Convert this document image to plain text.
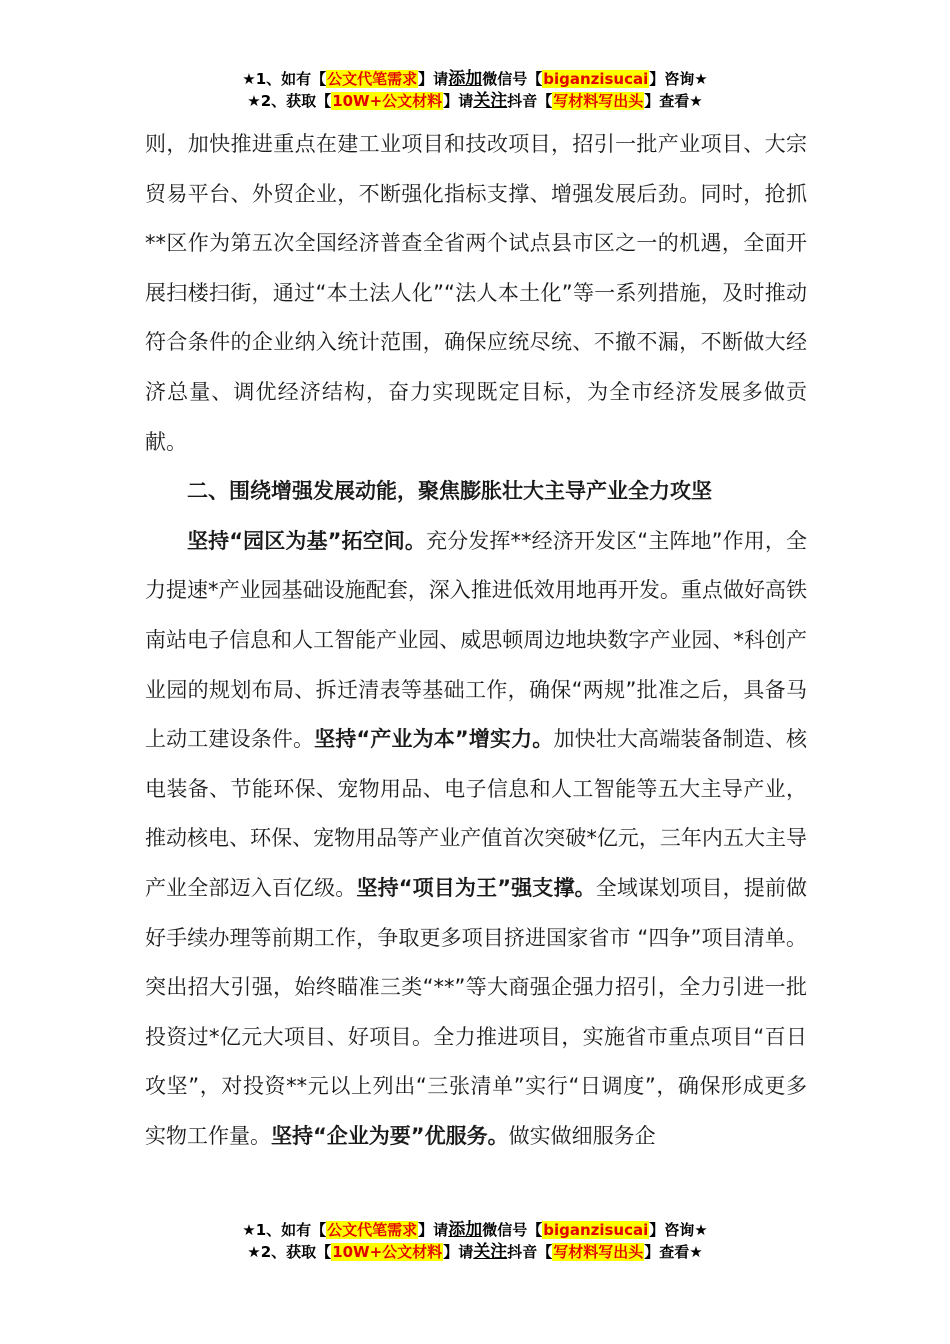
★1、如有【公文代笔需求】请添加微信号【biganzisucai】咨询★
★2、获取【10W+公文材料】请关注抖音【写材料写出头】查看★

则，加快推进重点在建工业项目和技改项目，招引一批产业项目、大宗贸易平台、外贸企业，不断强化指标支撑、增强发展后劲。同时，抢抓**区作为第五次全国经济普查全省两个试点县市区之一的机遇，全面开展扫楼扫街，通过“本土法人化”“法人本土化”等一系列措施，及时推动符合条件的企业纳入统计范围，确保应统尽统、不撤不漏，不断做大经济总量、调优经济结构，奋力实现既定目标，为全市经济发展多做贡献。

二、围绕增强发展动能，聚焦膨胀壮大主导产业全力攻坚

坚持“园区为基”拓空间。充分发挥**经济开发区“主阵地”作用，全力提速*产业园基础设施配套，深入推进低效用地再开发。重点做好高铁南站电子信息和人工智能产业园、威思顿周边地块数字产业园、*科创产业园的规划布局、拆迁清表等基础工作，确保“两规”批准之后，具备马上动工建设条件。坚持“产业为本”增实力。加快壮大高端装备制造、核电装备、节能环保、宠物用品、电子信息和人工智能等五大主导产业，推动核电、环保、宠物用品等产业产值首次突破*亿元，三年内五大主导产业全部迈入百亿级。坚持“项目为王”强支撑。全域谋划项目，提前做好手续办理等前期工作，争取更多项目挤进国家省市 “四争”项目清单。突出招大引强，始终瞄准三类“**”等大商强企强力招引，全力引进一批投资过*亿元大项目、好项目。全力推进项目，实施省市重点项目“百日攻坚”，对投资**元以上列出“三张清单”实行“日调度”，确保形成更多实物工作量。坚持“企业为要”优服务。做实做细服务企

★1、如有【公文代笔需求】请添加微信号【biganzisucai】咨询★
★2、获取【10W+公文材料】请关注抖音【写材料写出头】查看★
